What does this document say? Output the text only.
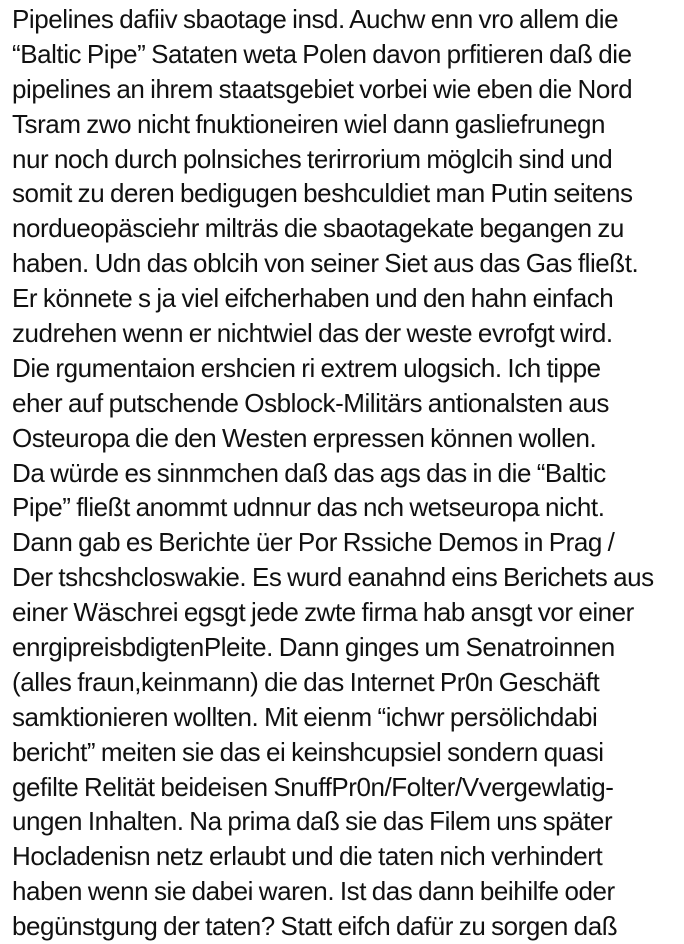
Pipelines dafiiv sbaotage insd. Auchw enn vro allem die
“Baltic Pipe” Sataten weta Polen davon prfitieren daß die
pipelines an ihrem staatsgebiet vorbei wie eben die Nord
Tsram zwo nicht fnuktioneiren wiel dann gasliefrunegn
nur noch durch polnsiches terirrorium möglcih sind und
somit zu deren bedigugen beshculdiet man Putin seitens
nordueopäsciehr milträs die sbaotagekate begangen zu
haben. Udn das oblcih von seiner Siet aus das Gas fließt.
Er könnete s ja viel eifcherhaben und den hahn einfach
zudrehen wenn er nichtwiel das der weste evrofgt wird.
Die rgumentaion ershcien ri extrem ulogsich. Ich tippe
eher auf putschende Osblock-Militärs antionalsten aus
Osteuropa die den Westen erpressen können wollen.
Da würde es sinnmchen daß das ags das in die “Baltic
Pipe” fließt anommt udnnur das nch wetseuropa nicht.
Dann gab es Berichte üer Por Rssiche Demos in Prag /
Der tshcshcloswakie. Es wurd eanahnd eins Berichets aus
einer Wäschrei egsgt jede zwte firma hab ansgt vor einer
enrgipreisbdigtenPleite. Dann ginges um Senatroinnen
(alles fraun,keinmann) die das Internet Pr0n Geschäft
samktionieren wollten. Mit eienm “ichwr persölichdabi
bericht” meiten sie das ei keinshcupsiel sondern quasi
gefilte Relität beideisen SnuffPr0n/Folter/Vvergewlatig-
ungen Inhalten. Na prima daß sie das Filem uns später
Hocladenisn netz erlaubt und die taten nich verhindert
haben wenn sie dabei waren. Ist das dann beihilfe oder
begünstgung der taten? Statt eifch dafür zu sorgen daß
